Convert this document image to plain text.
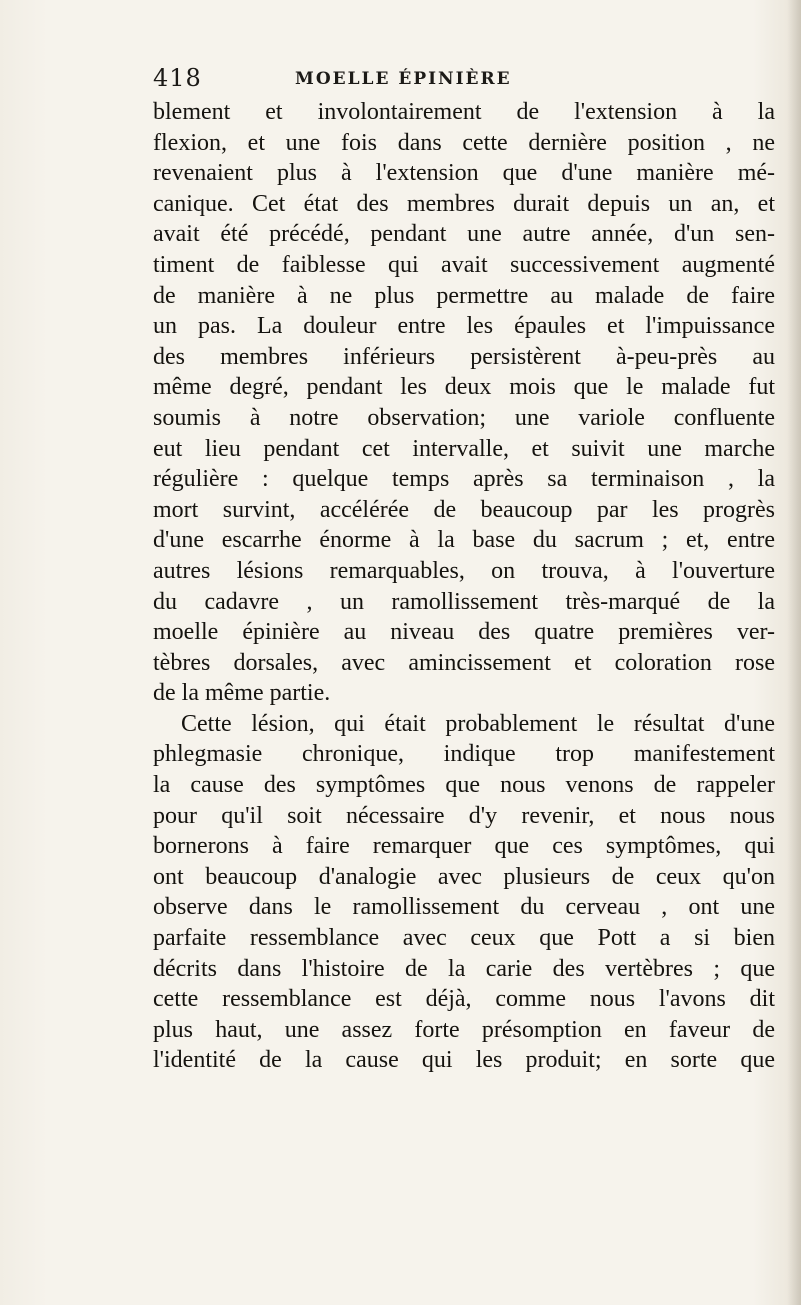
418	MOELLE ÉPINIÈRE
blement et involontairement de l'extension à la
flexion, et une fois dans cette dernière position , ne
revenaient plus à l'extension que d'une manière mé-
canique. Cet état des membres durait depuis un an, et
avait été précédé, pendant une autre année, d'un sen-
timent de faiblesse qui avait successivement augmenté
de manière à ne plus permettre au malade de faire
un pas. La douleur entre les épaules et l'impuissance
des membres inférieurs persistèrent à-peu-près au
même degré, pendant les deux mois que le malade fut
soumis à notre observation; une variole confluente
eut lieu pendant cet intervalle, et suivit une marche
régulière : quelque temps après sa terminaison , la
mort survint, accélérée de beaucoup par les progrès
d'une escarrhe énorme à la base du sacrum ; et, entre
autres lésions remarquables, on trouva, à l'ouverture
du cadavre , un ramollissement très-marqué de la
moelle épinière au niveau des quatre premières ver-
tèbres dorsales, avec amincissement et coloration rose
de la même partie.
Cette lésion, qui était probablement le résultat d'une
phlegmasie chronique, indique trop manifestement
la cause des symptômes que nous venons de rappeler
pour qu'il soit nécessaire d'y revenir, et nous nous
bornerons à faire remarquer que ces symptômes, qui
ont beaucoup d'analogie avec plusieurs de ceux qu'on
observe dans le ramollissement du cerveau , ont une
parfaite ressemblance avec ceux que Pott a si bien
décrits dans l'histoire de la carie des vertèbres ; que
cette ressemblance est déjà, comme nous l'avons dit
plus haut, une assez forte présomption en faveur de
l'identité de la cause qui les produit; en sorte que
